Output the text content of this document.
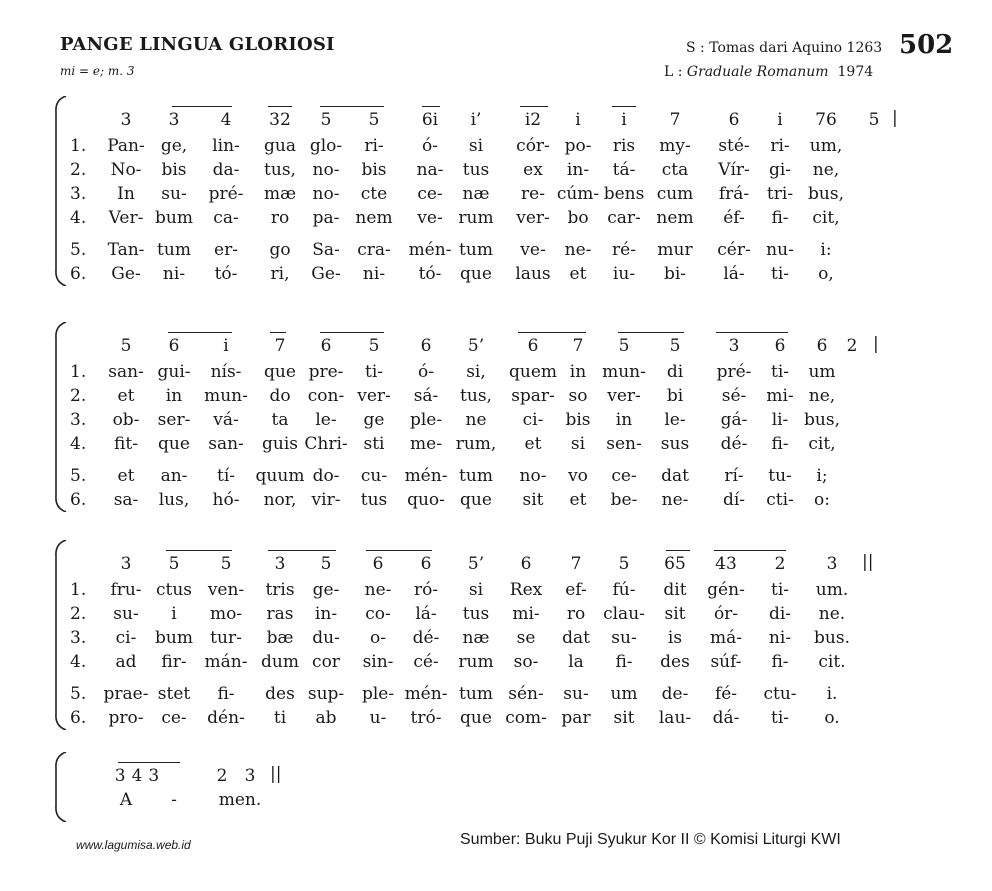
PANGE LINGUA GLORIOSI
mi = e; m. 3
S : Tomas dari Aquino 1263
L : Graduale Romanum 1974
502
3 3 4 32 5 5 6i i’	i2 i i	7	6 i 76 5 |
1. Pan- ge, lin- gua glo- ri- ó- si cór- po- ris my- sté- ri- um,
2. No- bis da- tus, no- bis na- tus ex in- tá- cta Vír- gi- ne,
3. In su- pré- mæ no- cte ce- næ re- cúm- bens cum frá- tri- bus,
4. Ver- bum ca- ro pa- nem ve- rum ver- bo car- nem éf- fi- cit,
5. Tan- tum er- go Sa- cra- mén- tum ve- ne- ré- mur cér- nu- i:
6. Ge- ni- tó- ri, Ge- ni- tó- que laus et iu- bi- lá- ti- o,
5 6	i	7 6 5 6 5’	6 7 5 5	3 6 6 2 |
1. san- gui- nís- que pre- ti- ó- si, quem in mun- di pré- ti- um
2. et in mun- do con- ver- sá- tus, spar- so ver- bi sé- mi- ne,
3. ob- ser- vá- ta le- ge ple- ne ci- bis in le- gá- li- bus,
4. fit- que san- guis Chri- sti me- rum, et si sen- sus dé- fi- cit,
5. et an- tí- quum do- cu- mén- tum no- vo ce- dat rí- tu- i;
6. sa- lus, hó- nor, vir- tus quo- que sit et be- ne- dí- cti- o:
3 5 5	3 5 6 6 5’ 6 7 5 65 43 2 3 ||
1. fru- ctus ven- tris ge- ne- ró- si Rex ef- fú- dit gén- ti- um.
2. su- i mo- ras in- co- lá- tus mi- ro clau- sit ór- di- ne.
3. ci- bum tur- bæ du- o- dé- næ se dat su- is má- ni- bus.
4. ad fir- mán- dum cor sin- cé- rum so- la fi- des súf- fi- cit.
5. prae- stet fi- des sup- ple- mén- tum sén- su- um de- fé- ctu- i.
6. pro- ce- dén- ti ab u- tró- que com- par sit lau- dá- ti- o.
343	2 3 ||
A - men.
www.lagumisa.web.id	Sumber: Buku Puji Syukur Kor II © Komisi Liturgi KWI
